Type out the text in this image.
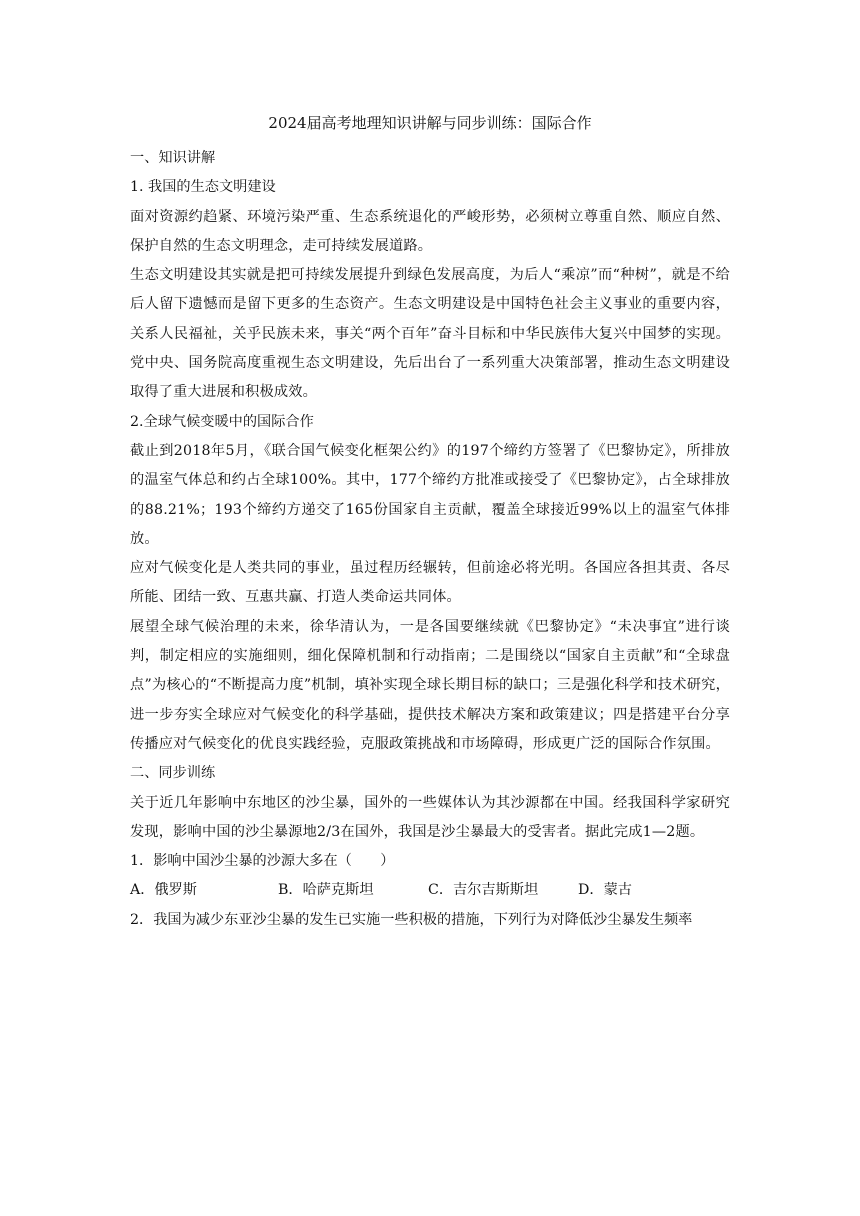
2024届高考地理知识讲解与同步训练：国际合作

一、知识讲解

1. 我国的生态文明建设

面对资源约趋紧、环境污染严重、生态系统退化的严峻形势，必须树立尊重自然、顺应自然、保护自然的生态文明理念，走可持续发展道路。

生态文明建设其实就是把可持续发展提升到绿色发展高度，为后人“乘凉”而“种树”，就是不给后人留下遗憾而是留下更多的生态资产。生态文明建设是中国特色社会主义事业的重要内容，关系人民福祉，关乎民族未来，事关“两个百年”奋斗目标和中华民族伟大复兴中国梦的实现。党中央、国务院高度重视生态文明建设，先后出台了一系列重大决策部署，推动生态文明建设取得了重大进展和积极成效。

2.全球气候变暖中的国际合作

截止到2018年5月，《联合国气候变化框架公约》的197个缔约方签署了《巴黎协定》，所排放的温室气体总和约占全球100%。其中，177个缔约方批准或接受了《巴黎协定》，占全球排放的88.21%；193个缔约方递交了165份国家自主贡献，覆盖全球接近99%以上的温室气体排放。

应对气候变化是人类共同的事业，虽过程历经辗转，但前途必将光明。各国应各担其责、各尽所能、团结一致、互惠共赢、打造人类命运共同体。

展望全球气候治理的未来，徐华清认为，一是各国要继续就《巴黎协定》“未决事宜”进行谈判，制定相应的实施细则，细化保障机制和行动指南；二是围绕以“国家自主贡献”和“全球盘点”为核心的“不断提高力度”机制，填补实现全球长期目标的缺口；三是强化科学和技术研究，进一步夯实全球应对气候变化的科学基础，提供技术解决方案和政策建议；四是搭建平台分享传播应对气候变化的优良实践经验，克服政策挑战和市场障碍，形成更广泛的国际合作氛围。

二、同步训练

关于近几年影响中东地区的沙尘暴，国外的一些媒体认为其沙源都在中国。经我国科学家研究发现，影响中国的沙尘暴源地2/3在国外，我国是沙尘暴最大的受害者。据此完成1—2题。

1．影响中国沙尘暴的沙源大多在（　　）

A．俄罗斯	B．哈萨克斯坦	C．吉尔吉斯斯坦	D．蒙古

2．我国为减少东亚沙尘暴的发生已实施一些积极的措施，下列行为对降低沙尘暴发生频率
